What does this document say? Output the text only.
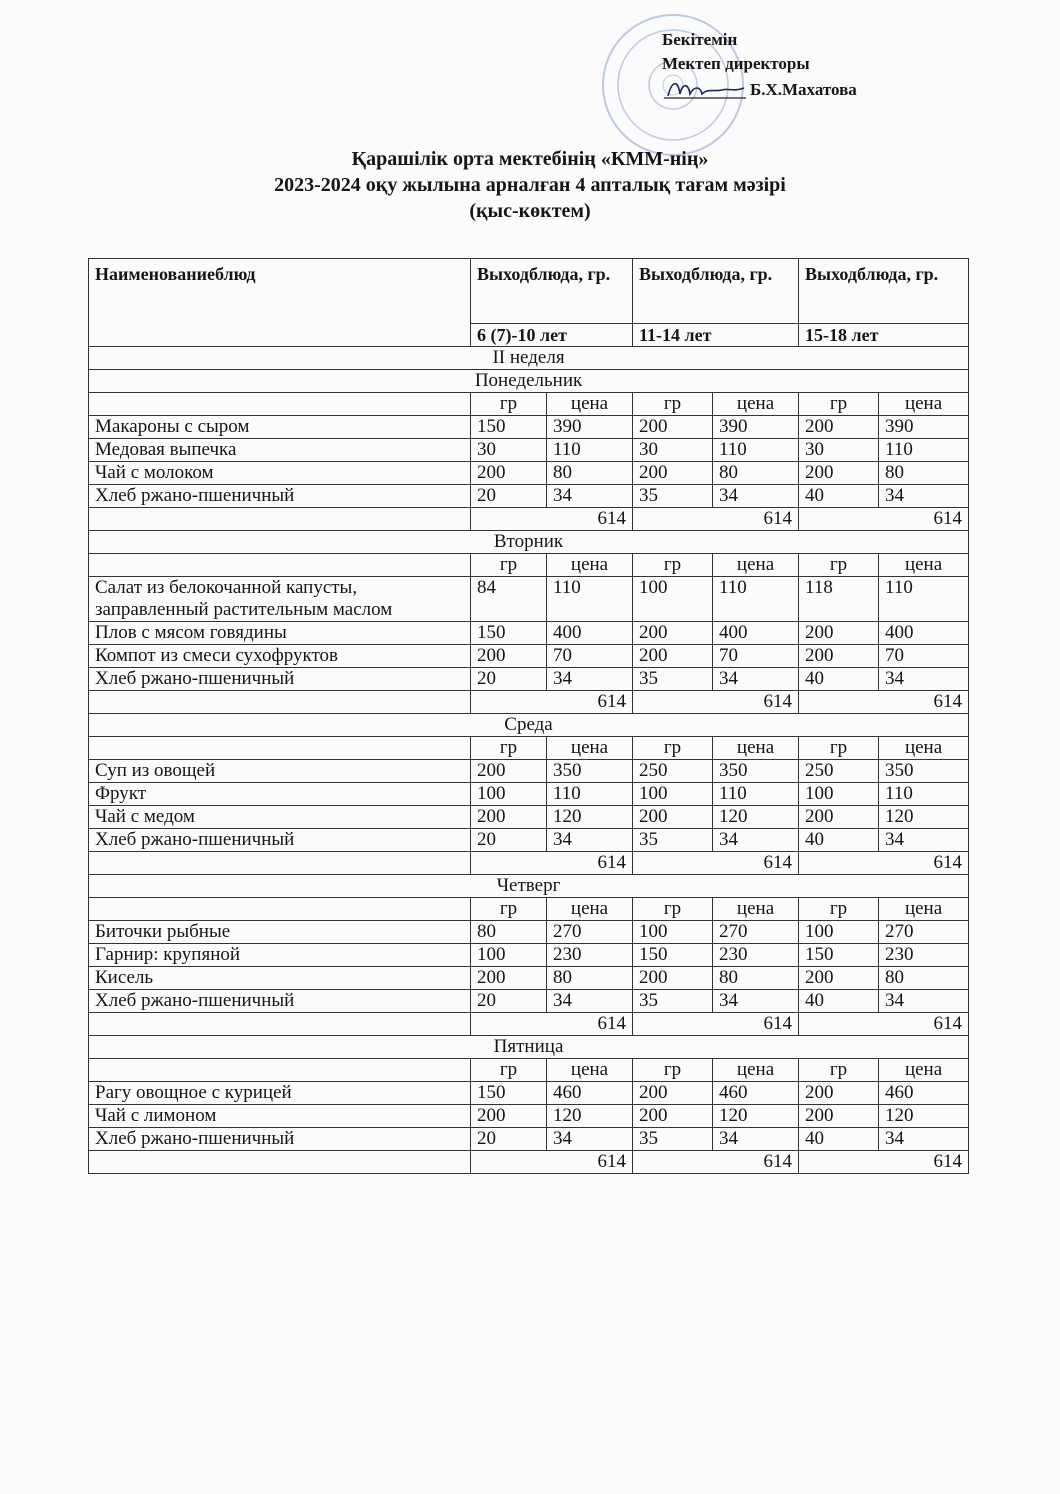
Бекітемін
Мектеп директоры
Б.Х.Махатова
Қарашілік орта мектебінің «КММ-нің»
2023-2024 оқу жылына арналған 4 апталық тағам мәзірі
(қыс-көктем)
Наименованиеблюд	Выходблюда, гр.		Выходблюда, гр.		Выходблюда, гр.	
	6 (7)-10 лет		11-14 лет		15-18 лет	
II неделя						
Понедельник						
	гр	цена	гр	цена	гр	цена
Макароны с сыром	150	390	200	390	200	390
Медовая выпечка	30	110	30	110	30	110
Чай с молоком	200	80	200	80	200	80
Хлеб ржано-пшеничный	20	34	35	34	40	34
	614		614		614	
Вторник						
	гр	цена	гр	цена	гр	цена
Салат из белокочанной капусты, заправленный растительным маслом	84	110	100	110	118	110
Плов с мясом говядины	150	400	200	400	200	400
Компот из смеси сухофруктов	200	70	200	70	200	70
Хлеб ржано-пшеничный	20	34	35	34	40	34
	614		614		614	
Среда						
	гр	цена	гр	цена	гр	цена
Суп из овощей	200	350	250	350	250	350
Фрукт	100	110	100	110	100	110
Чай с медом	200	120	200	120	200	120
Хлеб ржано-пшеничный	20	34	35	34	40	34
	614		614		614	
Четверг						
	гр	цена	гр	цена	гр	цена
Биточки рыбные	80	270	100	270	100	270
Гарнир: крупяной	100	230	150	230	150	230
Кисель	200	80	200	80	200	80
Хлеб ржано-пшеничный	20	34	35	34	40	34
	614		614		614	
Пятница						
	гр	цена	гр	цена	гр	цена
Рагу овощное с курицей	150	460	200	460	200	460
Чай с лимоном	200	120	200	120	200	120
Хлеб ржано-пшеничный	20	34	35	34	40	34
	614		614		614	
